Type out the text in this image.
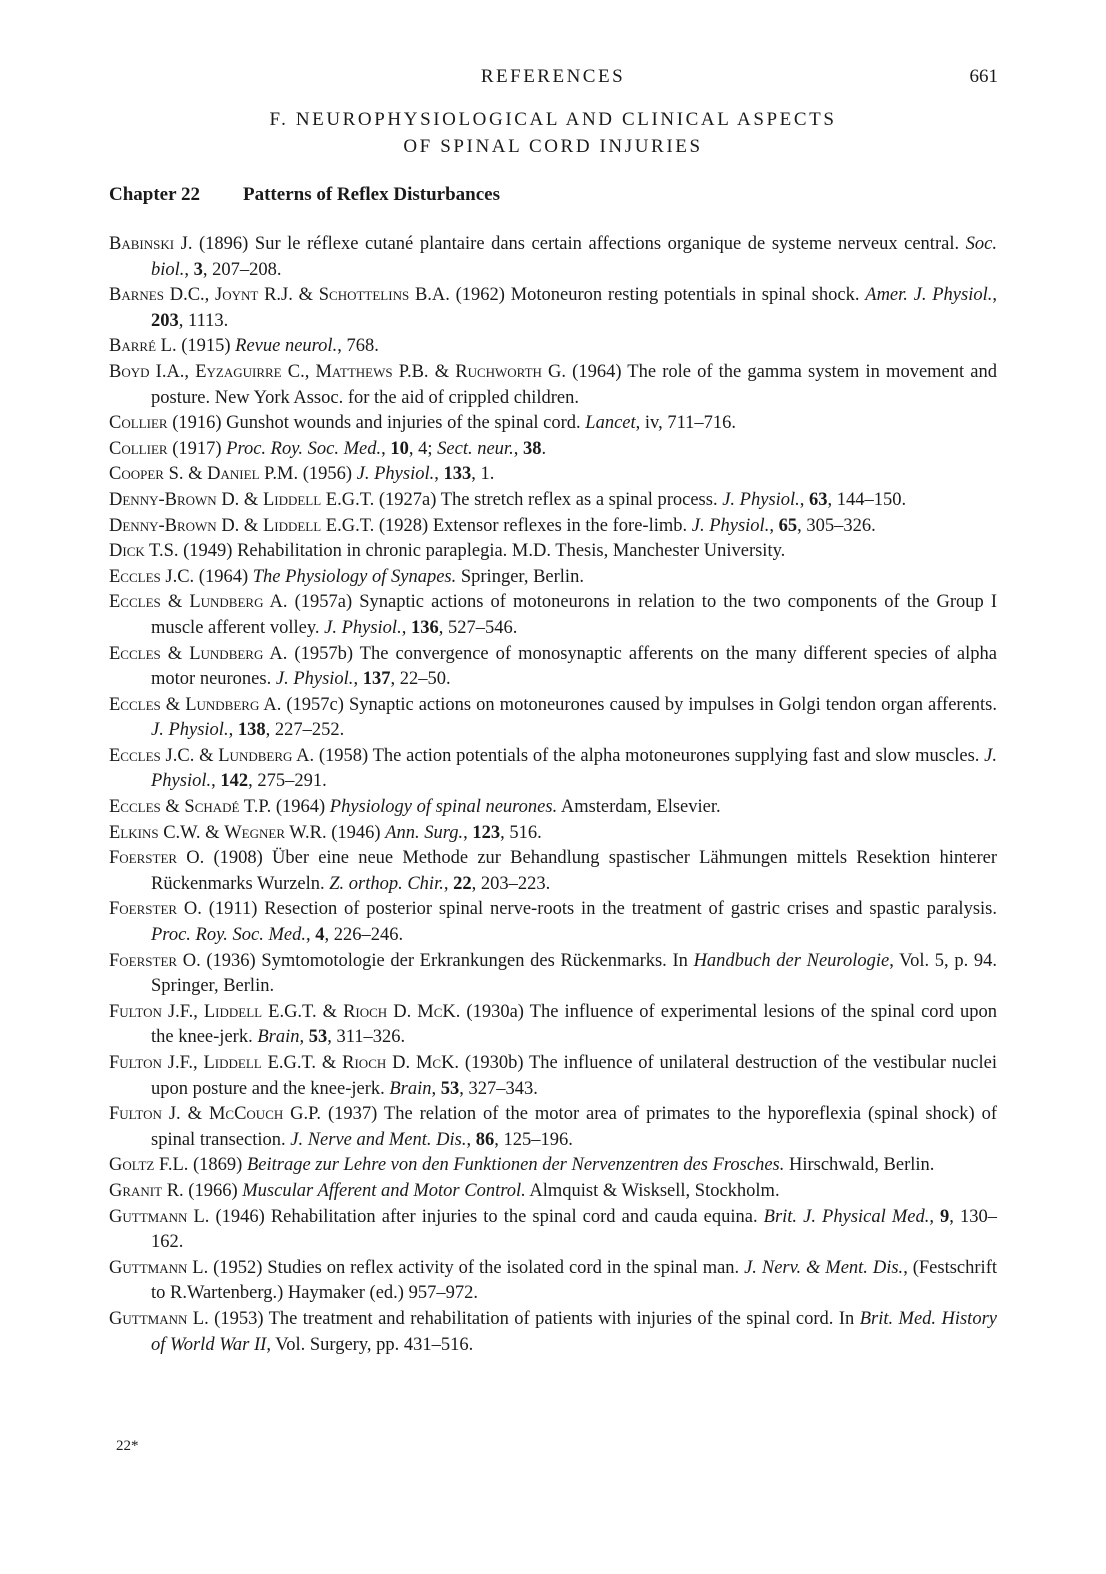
REFERENCES	661
F. NEUROPHYSIOLOGICAL AND CLINICAL ASPECTS
OF SPINAL CORD INJURIES
Chapter 22 Patterns of Reflex Disturbances
Babinski J. (1896) Sur le réflexe cutané plantaire dans certain affections organique de systeme nerveux central. Soc. biol., 3, 207–208.
Barnes D.C., Joynt R.J. & Schottelins B.A. (1962) Motoneuron resting potentials in spinal shock. Amer. J. Physiol., 203, 1113.
Barré L. (1915) Revue neurol., 768.
Boyd I.A., Eyzaguirre C., Matthews P.B. & Ruchworth G. (1964) The role of the gamma system in movement and posture. New York Assoc. for the aid of crippled children.
Collier (1916) Gunshot wounds and injuries of the spinal cord. Lancet, iv, 711–716.
Collier (1917) Proc. Roy. Soc. Med., 10, 4; Sect. neur., 38.
Cooper S. & Daniel P.M. (1956) J. Physiol., 133, 1.
Denny-Brown D. & Liddell E.G.T. (1927a) The stretch reflex as a spinal process. J. Physiol., 63, 144–150.
Denny-Brown D. & Liddell E.G.T. (1928) Extensor reflexes in the fore-limb. J. Physiol., 65, 305–326.
Dick T.S. (1949) Rehabilitation in chronic paraplegia. M.D. Thesis, Manchester University.
Eccles J.C. (1964) The Physiology of Synapes. Springer, Berlin.
Eccles & Lundberg A. (1957a) Synaptic actions of motoneurons in relation to the two components of the Group I muscle afferent volley. J. Physiol., 136, 527–546.
Eccles & Lundberg A. (1957b) The convergence of monosynaptic afferents on the many different species of alpha motor neurones. J. Physiol., 137, 22–50.
Eccles & Lundberg A. (1957c) Synaptic actions on motoneurones caused by impulses in Golgi tendon organ afferents. J. Physiol., 138, 227–252.
Eccles J.C. & Lundberg A. (1958) The action potentials of the alpha motoneurones supplying fast and slow muscles. J. Physiol., 142, 275–291.
Eccles & Schadé T.P. (1964) Physiology of spinal neurones. Amsterdam, Elsevier.
Elkins C.W. & Wegner W.R. (1946) Ann. Surg., 123, 516.
Foerster O. (1908) Über eine neue Methode zur Behandlung spastischer Lähmungen mittels Resektion hinterer Rückenmarks Wurzeln. Z. orthop. Chir., 22, 203–223.
Foerster O. (1911) Resection of posterior spinal nerve-roots in the treatment of gastric crises and spastic paralysis. Proc. Roy. Soc. Med., 4, 226–246.
Foerster O. (1936) Symtomotologie der Erkrankungen des Rückenmarks. In Handbuch der Neurologie, Vol. 5, p. 94. Springer, Berlin.
Fulton J.F., Liddell E.G.T. & Rioch D. McK. (1930a) The influence of experimental lesions of the spinal cord upon the knee-jerk. Brain, 53, 311–326.
Fulton J.F., Liddell E.G.T. & Rioch D. McK. (1930b) The influence of unilateral destruction of the vestibular nuclei upon posture and the knee-jerk. Brain, 53, 327–343.
Fulton J. & McCouch G.P. (1937) The relation of the motor area of primates to the hyporeflexia (spinal shock) of spinal transection. J. Nerve and Ment. Dis., 86, 125–196.
Goltz F.L. (1869) Beitrage zur Lehre von den Funktionen der Nervenzentren des Frosches. Hirschwald, Berlin.
Granit R. (1966) Muscular Afferent and Motor Control. Almquist & Wisksell, Stockholm.
Guttmann L. (1946) Rehabilitation after injuries to the spinal cord and cauda equina. Brit. J. Physical Med., 9, 130–162.
Guttmann L. (1952) Studies on reflex activity of the isolated cord in the spinal man. J. Nerv. & Ment. Dis., (Festschrift to R.Wartenberg.) Haymaker (ed.) 957–972.
Guttmann L. (1953) The treatment and rehabilitation of patients with injuries of the spinal cord. In Brit. Med. History of World War II, Vol. Surgery, pp. 431–516.
22*
